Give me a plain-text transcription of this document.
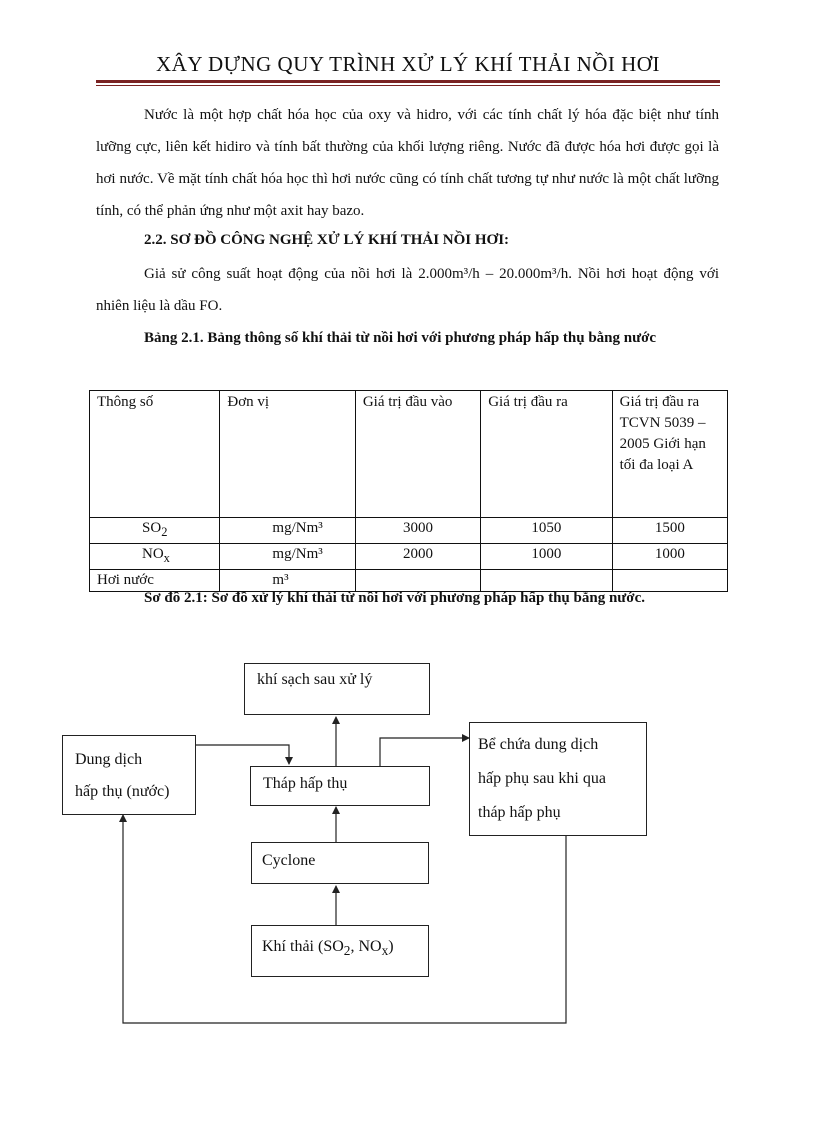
XÂY DỰNG QUY TRÌNH XỬ LÝ KHÍ THẢI NỒI HƠI

Nước là một hợp chất hóa học của oxy và hidro, với các tính chất lý hóa đặc biệt như tính lưỡng cực, liên kết hidiro và tính bất thường của khối lượng riêng. Nước đã được hóa hơi được gọi là hơi nước. Về mặt tính chất hóa học thì hơi nước cũng có tính chất tương tự như nước là một chất lưỡng tính, có thể phản ứng như một axit hay bazo.

2.2. SƠ ĐỒ CÔNG NGHỆ XỬ LÝ KHÍ THẢI NỒI HƠI:

Giả sử công suất hoạt động của nồi hơi là 2.000m³/h – 20.000m³/h. Nồi hơi hoạt động với nhiên liệu là dầu FO.

Bảng 2.1. Bảng thông số khí thải từ nồi hơi với phương pháp hấp thụ bằng nước

Thông số	Đơn vị	Giá trị đầu vào	Giá trị đầu ra	Giá trị đầu ra TCVN 5039 – 2005 Giới hạn tối đa loại A
$SO_2$	mg/Nm³	3000	1050	1500
$NO_x$	mg/Nm³	2000	1000	1000
Hơi nước	m³			

Sơ đồ 2.1: Sơ đồ xử lý khí thải từ nồi hơi với phương pháp hấp thụ bằng nước.

khí sạch sau xử lý
Dung dịch
hấp thụ (nước)	Tháp hấp thụ
Bể chứa dung dịch
hấp phụ sau khi qua
tháp hấp phụ
Cyclone
Khí thải ($SO_2$, $NO_x$)
